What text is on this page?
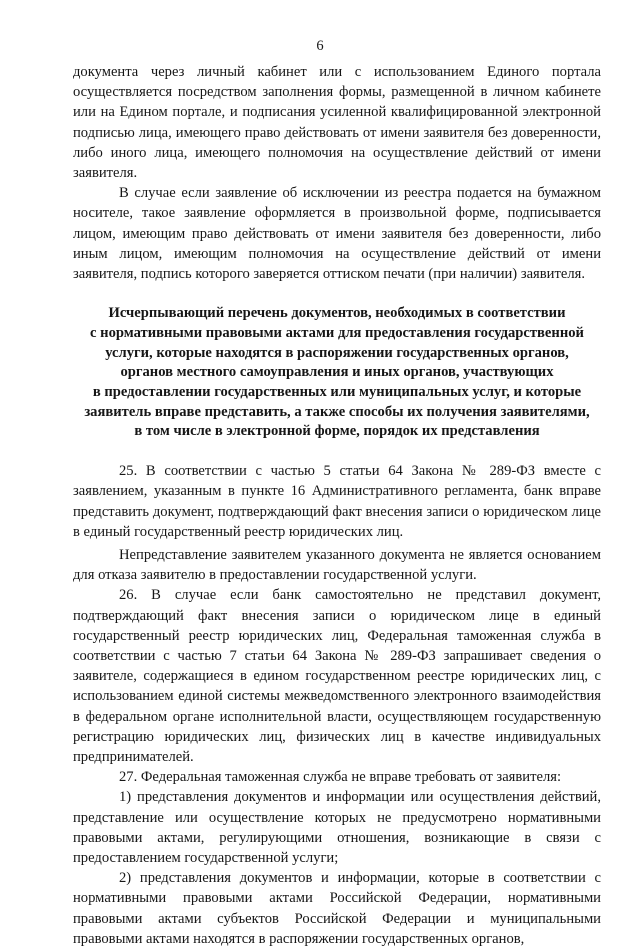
6

документа через личный кабинет или с использованием Единого портала осуществляется посредством заполнения формы, размещенной в личном кабинете или на Едином портале, и подписания усиленной квалифицированной электронной подписью лица, имеющего право действовать от имени заявителя без доверенности, либо иного лица, имеющего полномочия на осуществление действий от имени заявителя.

В случае если заявление об исключении из реестра подается на бумажном носителе, такое заявление оформляется в произвольной форме, подписывается лицом, имеющим право действовать от имени заявителя без доверенности, либо иным лицом, имеющим полномочия на осуществление действий от имени заявителя, подпись которого заверяется оттиском печати (при наличии) заявителя.

Исчерпывающий перечень документов, необходимых в соответствии
с нормативными правовыми актами для предоставления государственной
услуги, которые находятся в распоряжении государственных органов,
органов местного самоуправления и иных органов, участвующих
в предоставлении государственных или муниципальных услуг, и которые
заявитель вправе представить, а также способы их получения заявителями,
в том числе в электронной форме, порядок их представления

25. В соответствии с частью 5 статьи 64 Закона № 289-ФЗ вместе с заявлением, указанным в пункте 16 Административного регламента, банк вправе представить документ, подтверждающий факт внесения записи о юридическом лице в единый государственный реестр юридических лиц.

Непредставление заявителем указанного документа не является основанием для отказа заявителю в предоставлении государственной услуги.

26. В случае если банк самостоятельно не представил документ, подтверждающий факт внесения записи о юридическом лице в единый государственный реестр юридических лиц, Федеральная таможенная служба в соответствии с частью 7 статьи 64 Закона № 289-ФЗ запрашивает сведения о заявителе, содержащиеся в едином государственном реестре юридических лиц, с использованием единой системы межведомственного электронного взаимодействия в федеральном органе исполнительной власти, осуществляющем государственную регистрацию юридических лиц, физических лиц в качестве индивидуальных предпринимателей.

27. Федеральная таможенная служба не вправе требовать от заявителя:

1) представления документов и информации или осуществления действий, представление или осуществление которых не предусмотрено нормативными правовыми актами, регулирующими отношения, возникающие в связи с предоставлением государственной услуги;

2) представления документов и информации, которые в соответствии с нормативными правовыми актами Российской Федерации, нормативными правовыми актами субъектов Российской Федерации и муниципальными правовыми актами находятся в распоряжении государственных органов,
